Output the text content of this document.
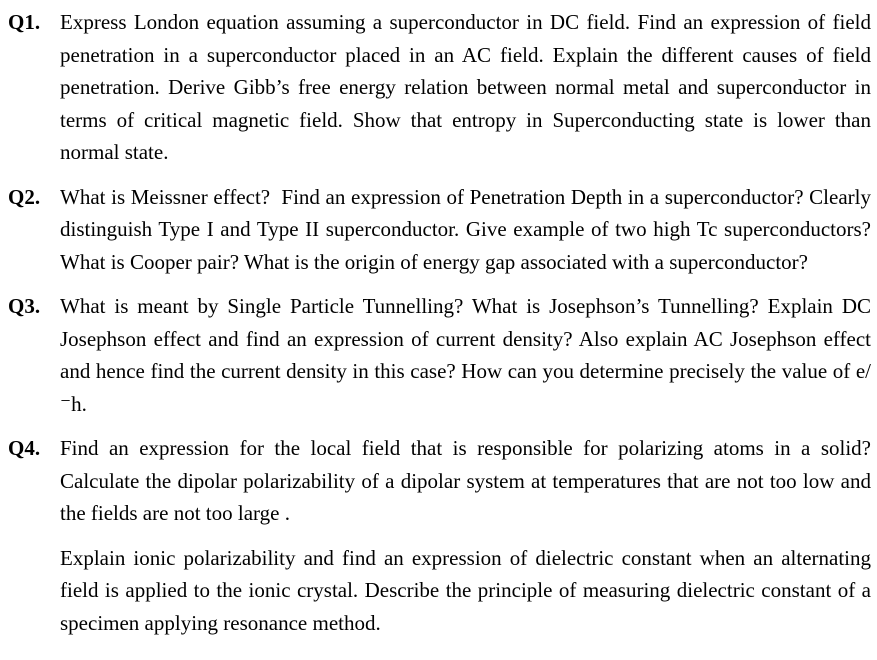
Q1. Express London equation assuming a superconductor in DC field. Find an expression of field penetration in a superconductor placed in an AC field. Explain the different causes of field penetration. Derive Gibb’s free energy relation between normal metal and superconductor in terms of critical magnetic field. Show that entropy in Superconducting state is lower than normal state.

Q2. What is Meissner effect?  Find an expression of Penetration Depth in a superconductor? Clearly distinguish Type I and Type II superconductor. Give example of two high Tc superconductors? What is Cooper pair? What is the origin of energy gap associated with a superconductor?

Q3. What is meant by Single Particle Tunnelling? What is Josephson’s Tunnelling? Explain DC Josephson effect and find an expression of current density? Also explain AC Josephson effect and hence find the current density in this case? How can you determine precisely the value of e/⁻h.

Q4. Find an expression for the local field that is responsible for polarizing atoms in a solid? Calculate the dipolar polarizability of a dipolar system at temperatures that are not too low and the fields are not too large .

Explain ionic polarizability and find an expression of dielectric constant when an alternating field is applied to the ionic crystal. Describe the principle of measuring dielectric constant of a specimen applying resonance method.
